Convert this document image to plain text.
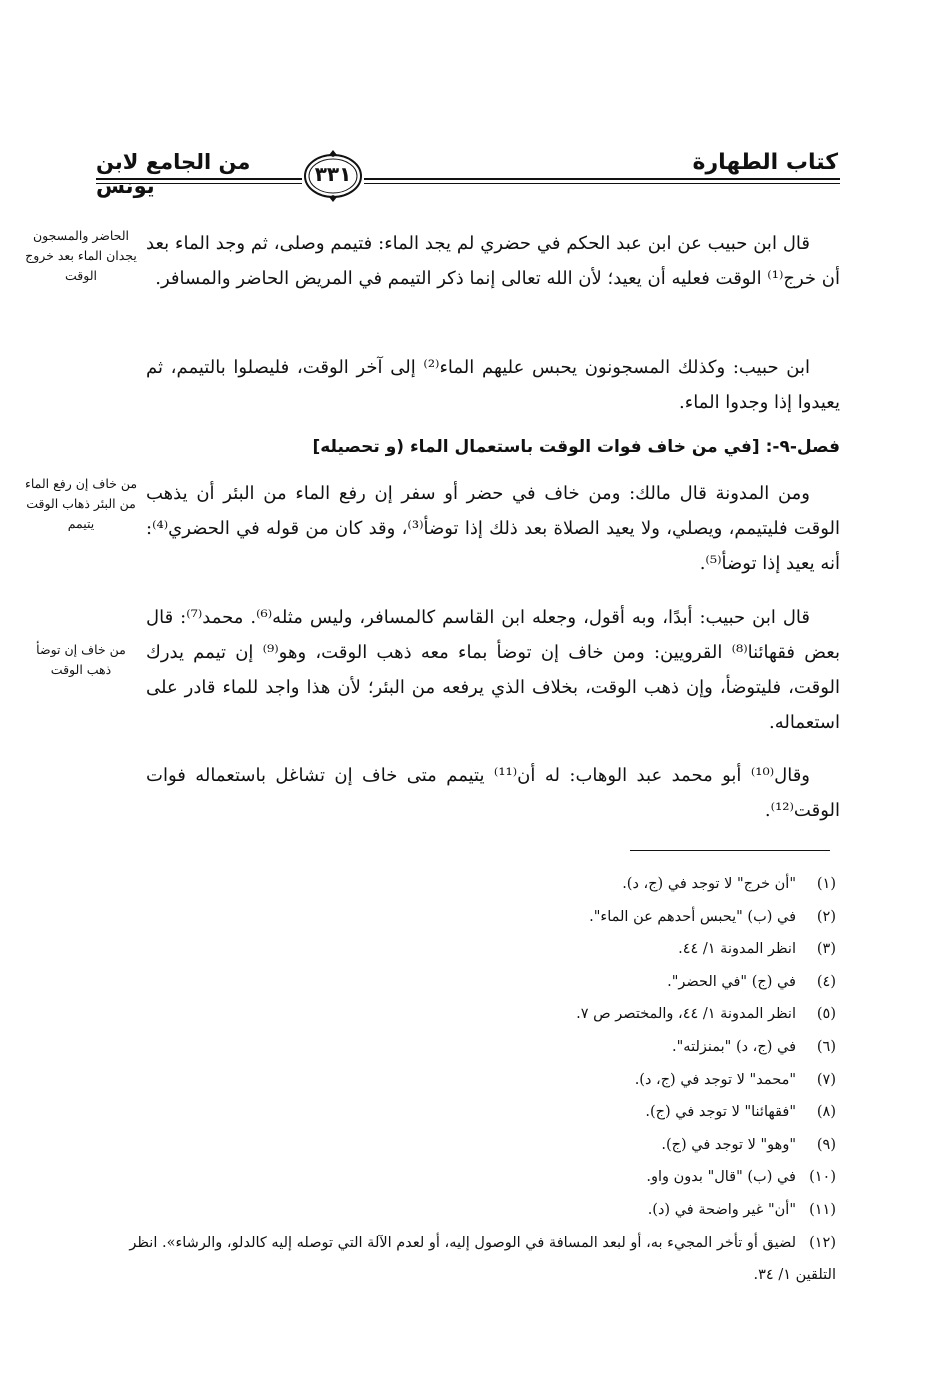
كتاب الطهارة
من الجامع لابن يونس	٣٣١
الحاضر والمسجون يجدان الماء بعد خروج الوقت
من خاف إن رفع الماء من البئر ذهاب الوقت يتيمم
من خاف إن توضأ ذهب الوقت

قال ابن حبيب عن ابن عبد الحكم في حضري لم يجد الماء: فتيمم وصلى، ثم وجد الماء بعد أن خرج⁽¹⁾ الوقت فعليه أن يعيد؛ لأن الله تعالى إنما ذكر التيمم في المريض الحاضر والمسافر.

ابن حبيب: وكذلك المسجونون يحبس عليهم الماء⁽²⁾ إلى آخر الوقت، فليصلوا بالتيمم، ثم يعيدوا إذا وجدوا الماء.

فصل-٩-: [في من خاف فوات الوقت باستعمال الماء (و تحصيله]

ومن المدونة قال مالك: ومن خاف في حضر أو سفر إن رفع الماء من البئر أن يذهب الوقت فليتيمم، ويصلي، ولا يعيد الصلاة بعد ذلك إذا توضأ⁽³⁾، وقد كان من قوله في الحضري⁽⁴⁾: أنه يعيد إذا توضأ⁽⁵⁾.

قال ابن حبيب: أبدًا، وبه أقول، وجعله ابن القاسم كالمسافر، وليس مثله⁽⁶⁾. محمد⁽⁷⁾: قال بعض فقهائنا⁽⁸⁾ القرويين: ومن خاف إن توضأ بماء معه ذهب الوقت، وهو⁽⁹⁾ إن تيمم يدرك الوقت، فليتوضأ، وإن ذهب الوقت، بخلاف الذي يرفعه من البئر؛ لأن هذا واجد للماء قادر على استعماله.

وقال⁽¹⁰⁾ أبو محمد عبد الوهاب: له أن⁽¹¹⁾ يتيمم متى خاف إن تشاغل باستعماله فوات الوقت⁽¹²⁾.

(١)"أن خرج" لا توجد في (ج، د).
(٢)في (ب) "يحبس أحدهم عن الماء".
(٣)انظر المدونة ١/ ٤٤.
(٤)في (ج) "في الحضر".
(٥)انظر المدونة ١/ ٤٤، والمختصر ص ٧.
(٦)في (ج، د) "بمنزلته".
(٧)"محمد" لا توجد في (ج، د).
(٨)"فقهائنا" لا توجد في (ج).
(٩)"وهو" لا توجد في (ج).
(١٠)في (ب) "قال" بدون واو.
(١١)"أن" غير واضحة في (د).
(١٢)لضيق أو تأخر المجيء به، أو لبعد المسافة في الوصول إليه، أو لعدم الآلة التي توصله إليه كالدلو، والرشاء». انظر التلقين ١/ ٣٤.
